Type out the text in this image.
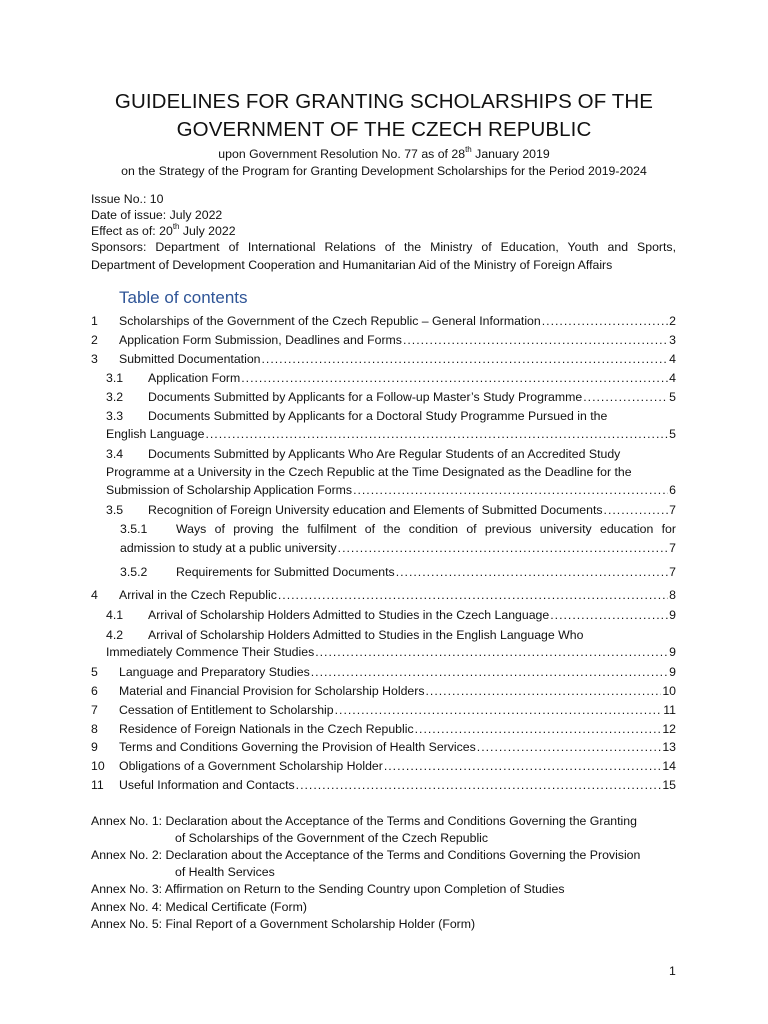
GUIDELINES FOR GRANTING SCHOLARSHIPS OF THE
GOVERNMENT OF THE CZECH REPUBLIC
upon Government Resolution No. 77 as of 28th January 2019
on the Strategy of the Program for Granting Development Scholarships for the Period 2019-2024
Issue No.: 10
Date of issue: July 2022
Effect as of: 20th July 2022
Sponsors: Department of International Relations of the Ministry of Education, Youth and Sports,
Department of Development Cooperation and Humanitarian Aid of the Ministry of Foreign Affairs
Table of contents
1	Scholarships of the Government of the Czech Republic – General Information .....	2
2	Application Form Submission, Deadlines and Forms .....	3
3	Submitted Documentation .....	4
3.1	Application Form .....	4
3.2	Documents Submitted by Applicants for a Follow-up Master’s Study Programme .....	5
3.3 Documents Submitted by Applicants for a Doctoral Study Programme Pursued in the
English Language .....	5
3.4 Documents Submitted by Applicants Who Are Regular Students of an Accredited Study
Programme at a University in the Czech Republic at the Time Designated as the Deadline for the
Submission of Scholarship Application Forms .....	6
3.5	Recognition of Foreign University education and Elements of Submitted Documents .....	7
3.5.1 Ways of proving the fulfilment of the condition of previous university education for
admission to study at a public university .....	7
3.5.2	Requirements for Submitted Documents .....	7
4	Arrival in the Czech Republic .....	8
4.1	Arrival of Scholarship Holders Admitted to Studies in the Czech Language .....	9
4.2 Arrival of Scholarship Holders Admitted to Studies in the English Language Who
Immediately Commence Their Studies .....	9
5	Language and Preparatory Studies .....	9
6	Material and Financial Provision for Scholarship Holders .....	10
7	Cessation of Entitlement to Scholarship .....	11
8	Residence of Foreign Nationals in the Czech Republic .....	12
9	Terms and Conditions Governing the Provision of Health Services .....	13
10	Obligations of a Government Scholarship Holder .....	14
11	Useful Information and Contacts .....	15
Annex No. 1: Declaration about the Acceptance of the Terms and Conditions Governing the Granting
of Scholarships of the Government of the Czech Republic
Annex No. 2: Declaration about the Acceptance of the Terms and Conditions Governing the Provision
of Health Services
Annex No. 3: Affirmation on Return to the Sending Country upon Completion of Studies
Annex No. 4: Medical Certificate (Form)
Annex No. 5: Final Report of a Government Scholarship Holder (Form)
1
